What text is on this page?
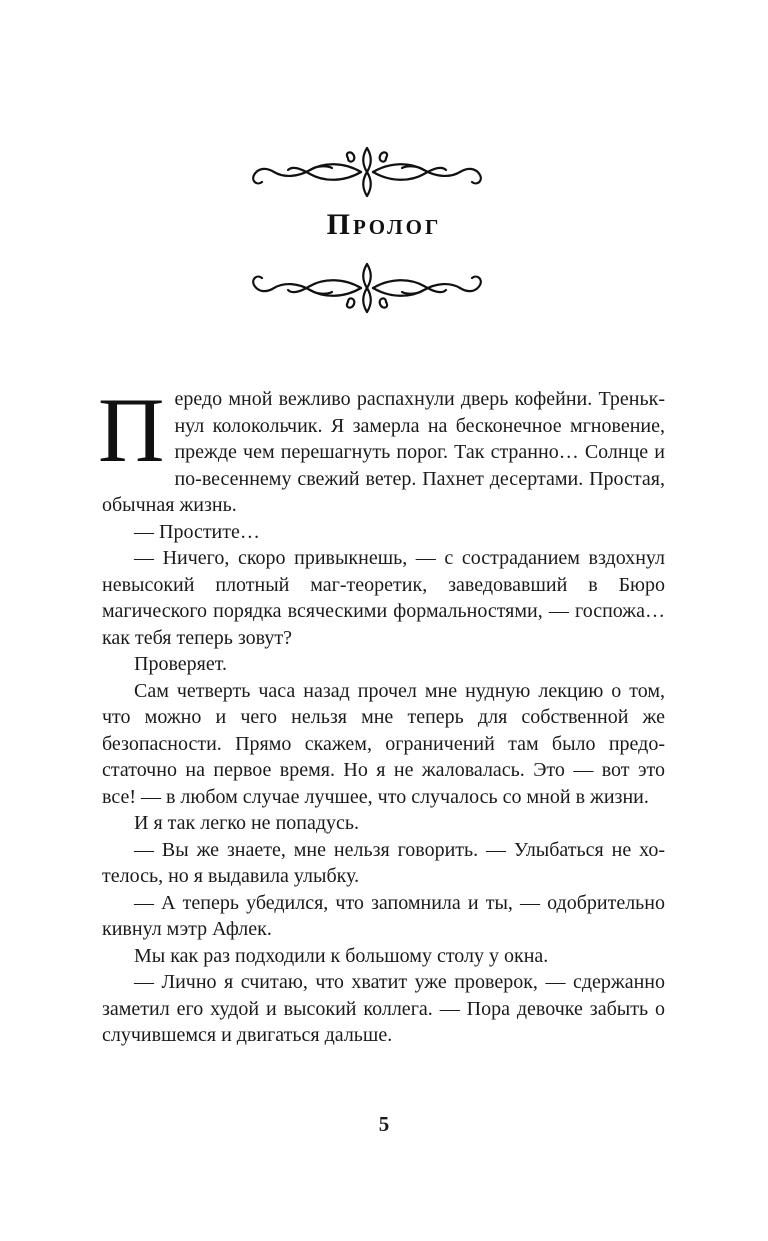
Пролог

Передо мной вежливо распахнули дверь кофейни. Тренькнул колокольчик. Я замерла на бесконечное мгновение, прежде чем перешагнуть порог. Так странно… Солнце и по-весеннему свежий ветер. Пахнет десертами. Простая, обычная жизнь.

— Простите…

— Ничего, скоро привыкнешь, — с состраданием вздохнул невысокий плотный маг-теоретик, заведовавший в Бюро магического порядка всяческими формальностями, — госпожа… как тебя теперь зовут?

Проверяет.

Сам четверть часа назад прочел мне нудную лекцию о том, что можно и чего нельзя мне теперь для собственной же безопасности. Прямо скажем, ограничений там было предостаточно на первое время. Но я не жаловалась. Это — вот это все! — в любом случае лучшее, что случалось со мной в жизни.

И я так легко не попадусь.

— Вы же знаете, мне нельзя говорить. — Улыбаться не хотелось, но я выдавила улыбку.

— А теперь убедился, что запомнила и ты, — одобрительно кивнул мэтр Афлек.

Мы как раз подходили к большому столу у окна.

— Лично я считаю, что хватит уже проверок, — сдержанно заметил его худой и высокий коллега. — Пора девочке забыть о случившемся и двигаться дальше.

5
